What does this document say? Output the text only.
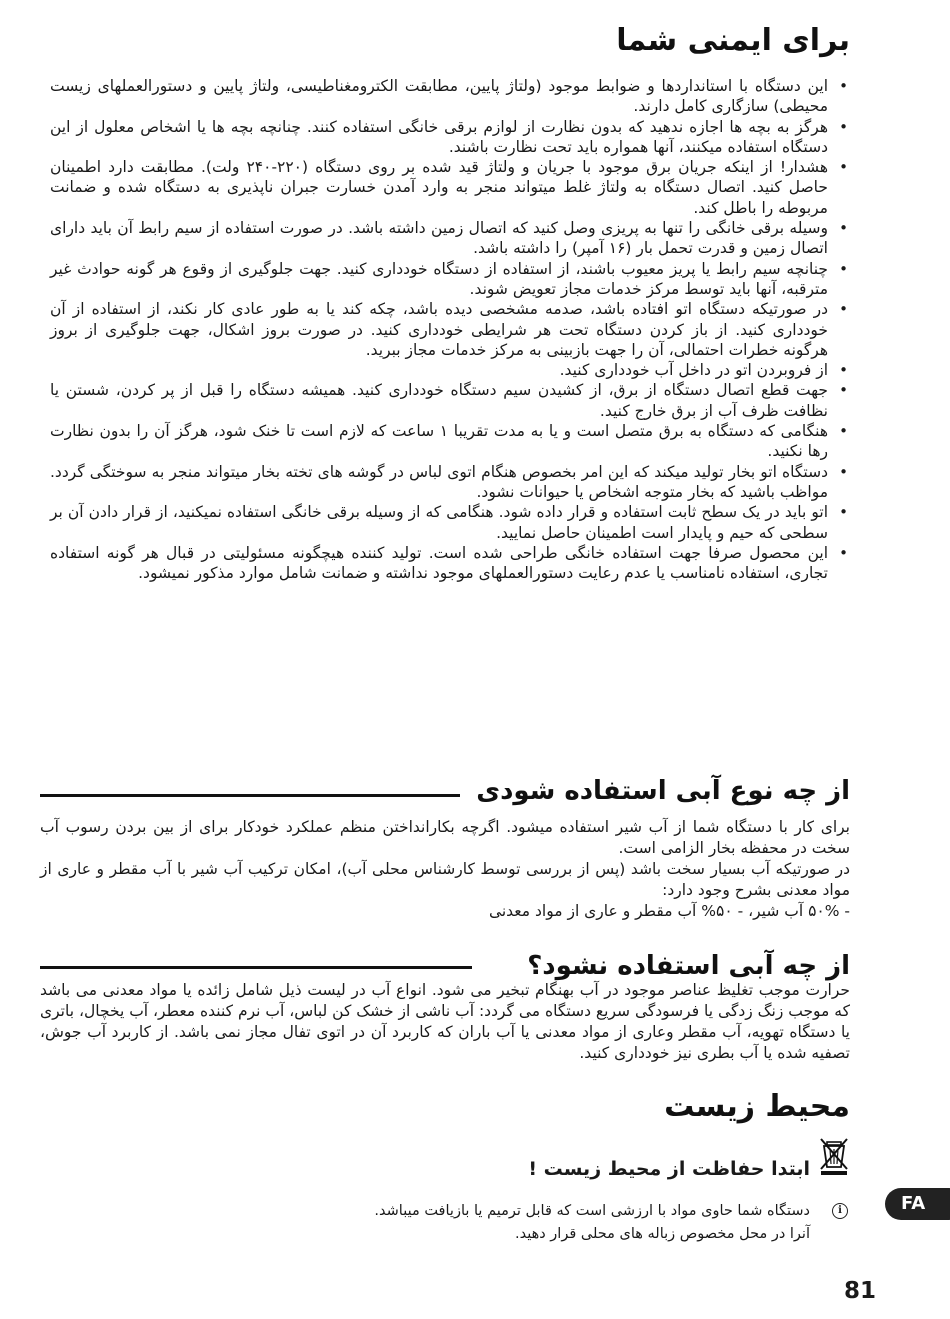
برای ایمنی شما
•
این دستگاه با استانداردها و ضوابط موجود (ولتاژ پایین، مطابقت الکترومغناطیسی، ولتاژ پایین و دستورالعملهای زیست محیطی) سازگاری کامل دارند.
•
هرگز به بچه ها اجازه ندهید که بدون نظارت از لوازم برقی خانگی استفاده کنند. چنانچه بچه ها یا اشخاص معلول از این دستگاه استفاده میکنند، آنها همواره باید تحت نظارت باشند.
•
هشدار! از اینکه جریان برق موجود با جریان و ولتاژ قید شده بر روی دستگاه (۲۲۰-۲۴۰ ولت). مطابقت دارد اطمینان حاصل کنید. اتصال دستگاه به ولتاژ غلط میتواند منجر به وارد آمدن خسارت جبران ناپذیری به دستگاه شده و ضمانت مربوطه را باطل کند.
•
وسیله برقی خانگی را تنها به پریزی وصل کنید که اتصال زمین داشته باشد. در صورت استفاده از سیم رابط آن باید دارای اتصال زمین و قدرت تحمل بار (۱۶ آمپر) را داشته باشد.
•
چنانچه سیم رابط یا پریز معیوب باشند، از استفاده از دستگاه خودداری کنید. جهت جلوگیری از وقوع هر گونه حوادث غیر مترقبه، آنها باید توسط مرکز خدمات مجاز تعویض شوند.
•
در صورتیکه دستگاه اتو افتاده باشد، صدمه مشخصی دیده باشد، چکه کند یا به طور عادی کار نکند، از استفاده از آن خودداری کنید. از باز کردن دستگاه تحت هر شرایطی خودداری کنید. در صورت بروز اشکال، جهت جلوگیری از بروز هرگونه خطرات احتمالی، آن را جهت بازبینی به مرکز خدمات مجاز ببرید.
•
از فروبردن اتو در داخل آب خودداری کنید.
•
جهت قطع اتصال دستگاه از برق، از کشیدن سیم دستگاه خودداری کنید. همیشه دستگاه را قبل از پر کردن، شستن یا نظافت ظرف آب از برق خارج کنید.
•
هنگامی که دستگاه به برق متصل است و یا به مدت تقریبا ۱ ساعت که لازم است تا خنک شود، هرگز آن را بدون نظارت رها نکنید.
•
دستگاه اتو بخار تولید میکند که این امر بخصوص هنگام اتوی لباس در گوشه های تخته بخار میتواند منجر به سوختگی گردد. مواظب باشید که بخار متوجه اشخاص یا حیوانات نشود.
•
اتو باید در یک سطح ثابت استفاده و قرار داده شود. هنگامی که از وسیله برقی خانگی استفاده نمیکنید، از قرار دادن آن بر سطحی که حیم و پایدار است اطمینان حاصل نمایید.
•
این محصول صرفا جهت استفاده خانگی طراحی شده است. تولید کننده هیچگونه مسئولیتی در قبال هر گونه استفاده تجاری، استفاده نامناسب یا عدم رعایت دستورالعملهای موجود نداشته و ضمانت شامل موارد مذکور نمیشود.
از چه نوع آبی استفاده شودی

برای کار با دستگاه شما از آب شیر استفاده میشود. اگرچه بکارانداختن منظم عملکرد خودکار برای از بین بردن رسوب آب سخت در محفظه بخار الزامی است.

در صورتیکه آب بسیار سخت باشد (پس از بررسی توسط کارشناس محلی آب)، امکان ترکیب آب شیر با آب مقطر و عاری از مواد معدنی بشرح وجود دارد:

- ۵۰% آب شیر، - ۵۰% آب مقطر و عاری از مواد معدنی

از چه آبی استفاده نشود؟

حرارت موجب تغلیظ عناصر موجود در آب بهنگام تبخیر می شود. انواع آب در لیست ذیل شامل زائده یا مواد معدنی می باشد که موجب زنگ زدگی یا فرسودگی سریع دستگاه می گردد: آب ناشی از خشک کن لباس، آب نرم کننده معطر، آب یخچال، باتری یا دستگاه تهویه، آب مقطر وعاری از مواد معدنی یا آب باران که کاربرد آن در اتوی تفال مجاز نمی باشد. از کاربرد آب جوش، تصفیه شده یا آب بطری نیز خودداری کنید.

محیط زیست
ابتدا حفاظت از محیط زیست !
i
دستگاه شما حاوی مواد با ارزشی است که قابل ترمیم یا بازیافت میباشد.
آنرا در محل مخصوص زباله های محلی قرار دهید.
FA
81
